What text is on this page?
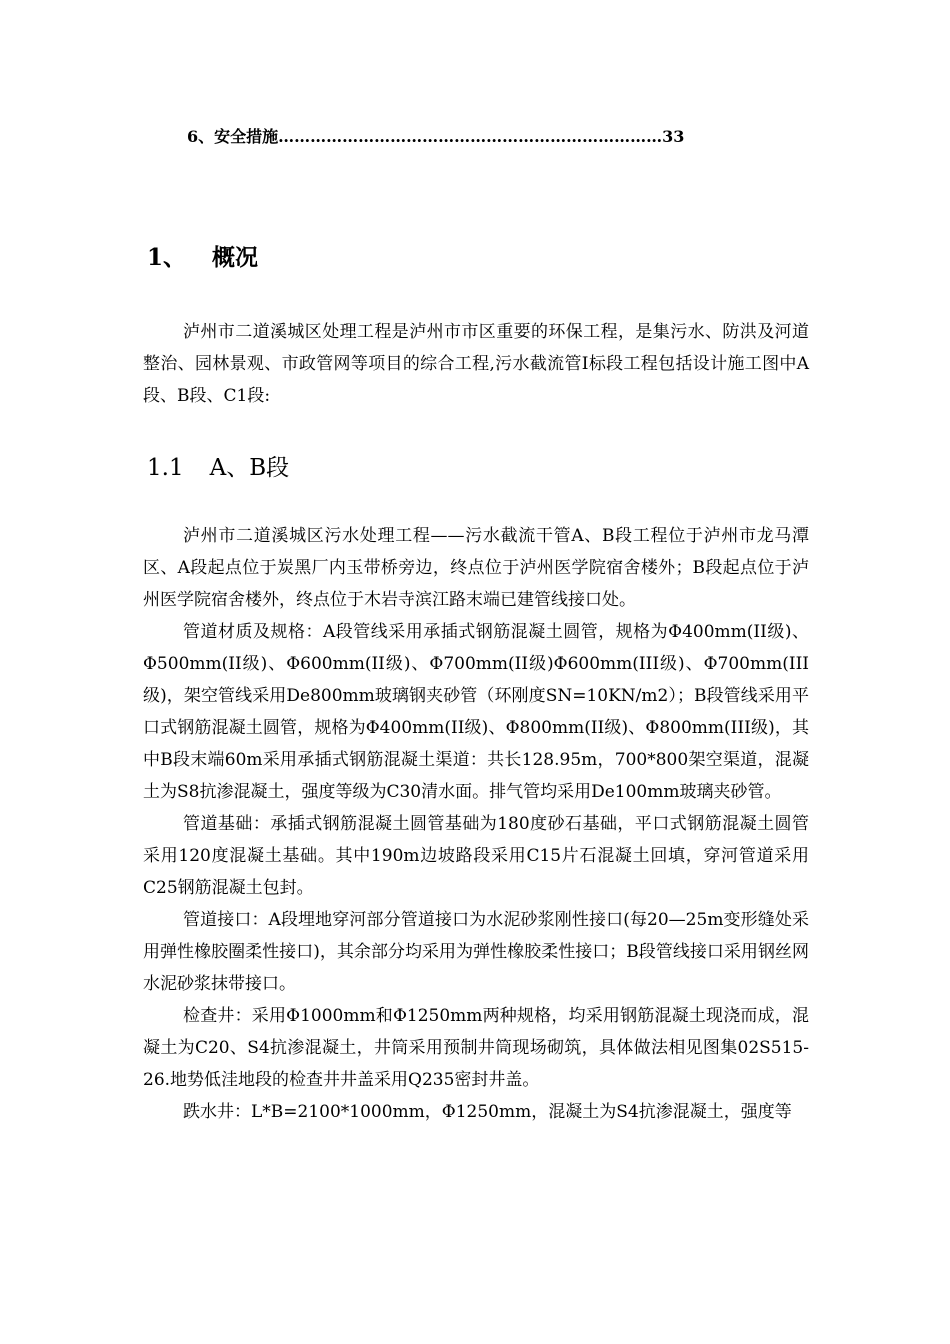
6、安全措施………………………………………………………………33
1、 概况

泸州市二道溪城区处理工程是泸州市市区重要的环保工程，是集污水、防洪及河道整治、园林景观、市政管网等项目的综合工程,污水截流管Ⅰ标段工程包括设计施工图中A段、B段、C1段:

1.1 A、B段

泸州市二道溪城区污水处理工程——污水截流干管A、B段工程位于泸州市龙马潭区、A段起点位于炭黑厂内玉带桥旁边，终点位于泸州医学院宿舍楼外；B段起点位于泸州医学院宿舍楼外，终点位于木岩寺滨江路末端已建管线接口处。

管道材质及规格：A段管线采用承插式钢筋混凝土圆管，规格为Φ400mm(II级)、Φ500mm(II级)、Φ600mm(II级)、Φ700mm(II级)Φ600mm(III级)、Φ700mm(III级)，架空管线采用De800mm玻璃钢夹砂管（环刚度SN=10KN/m2）；B段管线采用平口式钢筋混凝土圆管，规格为Φ400mm(II级)、Φ800mm(II级)、Φ800mm(III级)，其中B段末端60m采用承插式钢筋混凝土渠道：共长128.95m，700*800架空渠道，混凝土为S8抗渗混凝土，强度等级为C30清水面。排气管均采用De100mm玻璃夹砂管。

管道基础：承插式钢筋混凝土圆管基础为180度砂石基础，平口式钢筋混凝土圆管采用120度混凝土基础。其中190m边坡路段采用C15片石混凝土回填，穿河管道采用C25钢筋混凝土包封。

管道接口：A段埋地穿河部分管道接口为水泥砂浆刚性接口(每20—25m变形缝处采用弹性橡胶圈柔性接口)，其余部分均采用为弹性橡胶柔性接口；B段管线接口采用钢丝网水泥砂浆抹带接口。

检查井：采用Φ1000mm和Φ1250mm两种规格，均采用钢筋混凝土现浇而成，混凝土为C20、S4抗渗混凝土，井筒采用预制井筒现场砌筑，具体做法相见图集02S515-26.地势低洼地段的检查井井盖采用Q235密封井盖。

跌水井：L*B=2100*1000mm，Φ1250mm，混凝土为S4抗渗混凝土，强度等
